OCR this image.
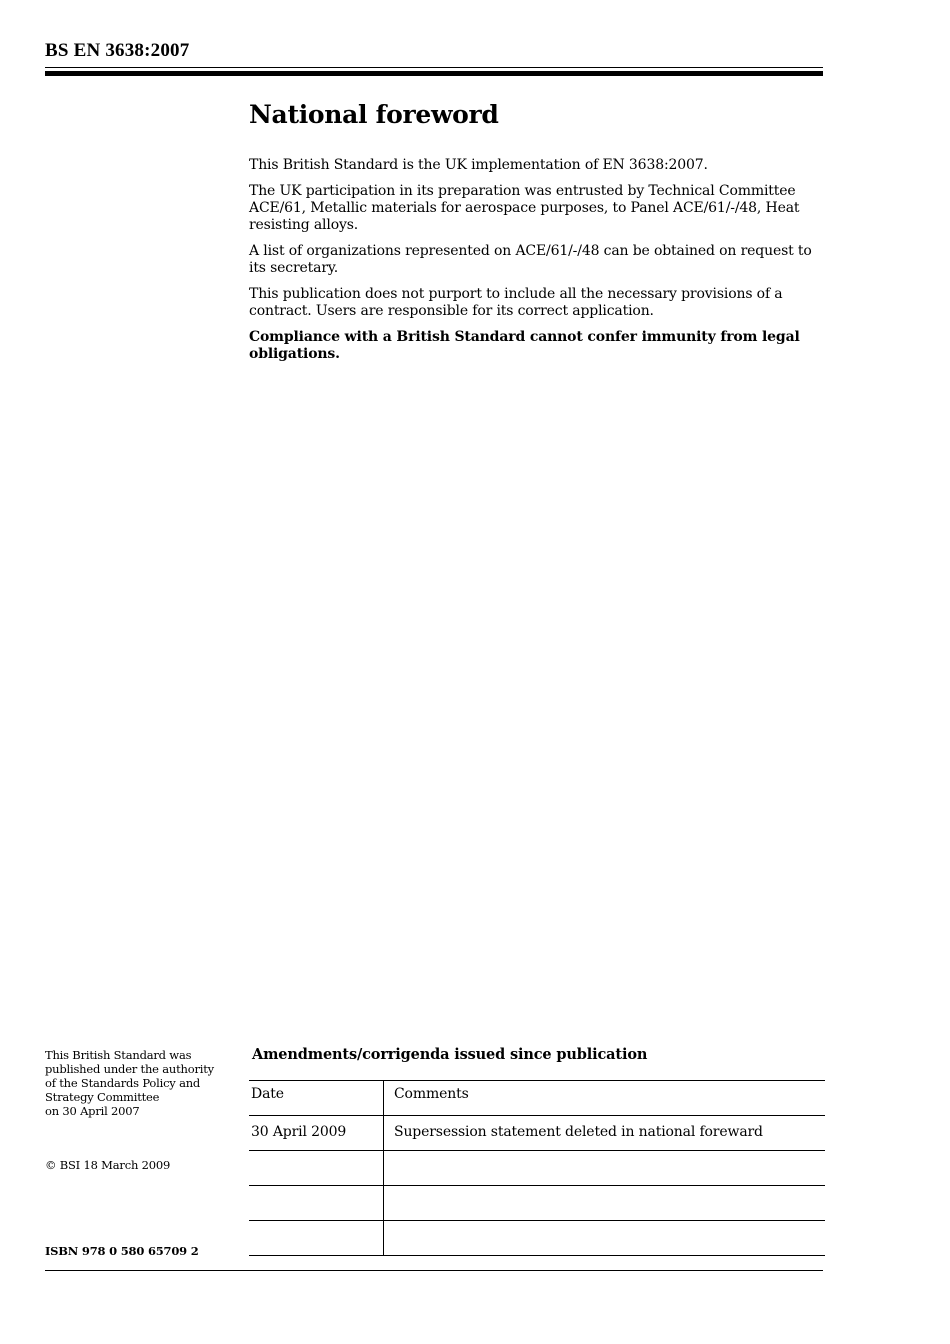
BS EN 3638:2007
National foreword

This British Standard is the UK implementation of EN 3638:2007.

The UK participation in its preparation was entrusted by Technical Committee ACE/61, Metallic materials for aerospace purposes, to Panel ACE/61/-/48, Heat resisting alloys.

A list of organizations represented on ACE/61/-/48 can be obtained on request to its secretary.

This publication does not purport to include all the necessary provisions of a contract. Users are responsible for its correct application.

Compliance with a British Standard cannot confer immunity from legal obligations.

This British Standard was
published under the authority
of the Standards Policy and
Strategy Committee
on 30 April 2007
© BSI 18 March 2009
ISBN 978 0 580 65709 2
Amendments/corrigenda issued since publication
Date	Comments
30 April 2009	Supersession statement deleted in national foreward
